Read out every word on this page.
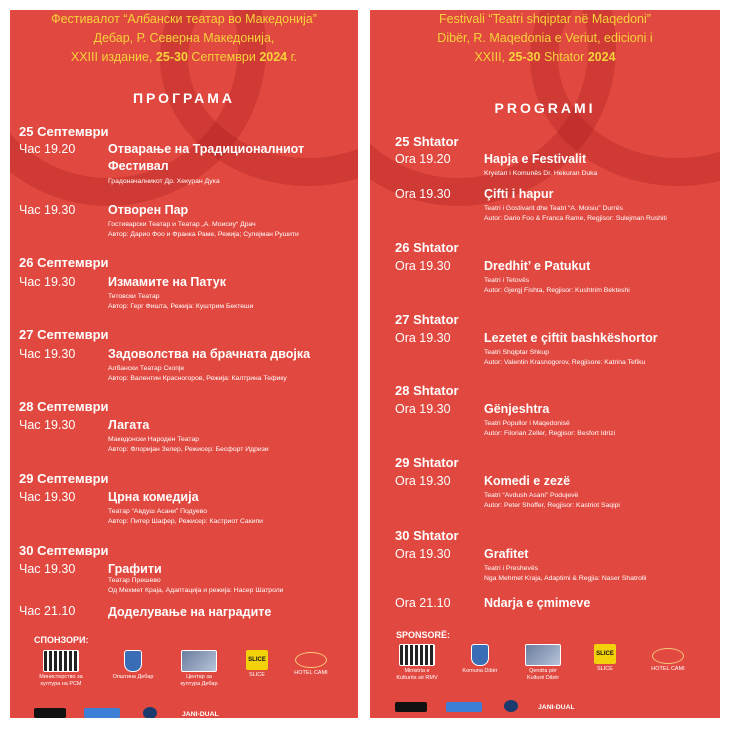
Фестивалот “Албански театар во Македонија”
Дебар, Р. Северна Македонија,
XXIII издание, 25-30 Септември 2024 г.
ПРОГРАМА
25 Септември
Час 19.20	Отварање на Традиционалниот
Фестивал
Градоначалникот Др. Хекуран Дука
Час 19.30	Отворен Пар
Гостиварски Театар и Театар „А. Моисиу“ Драч
Автор: Дарио Фоо и Франка Раме, Режија; Сулејман Рушити
26 Септември
Час 19.30	Измамите на Патук
Тетовски Театар
Автор: Герг Фишта, Режија: Куштрим Бектеши
27 Септември
Час 19.30	Задоволства на брачната двојка
Албански Театар Скопје
Автор: Валентин Красногоров, Режија: Калтрина Тефику
28 Септември
Час 19.30	Лагата
Македонски Народен Театар
Автор: Флоријан Зелер, Режисер: Бесфорт Идризи
29 Септември
Час 19.30	Црна комедија
Театар “Авдуш Асани” Подуево
Автор: Питер Шафер, Режисер: Кастриот Сакипи
30 Септември
Час 19.30	Графити
Театар Прешево
Од Мехмет Краја, Адаптација и режија: Насер Шатроли
Час 21.10	Доделување на наградите
СПОНЗОРИ:
Министерство за
култура на РСМ
Општина Дебар	Центар за
култура Дебар
SLICE
SLICE	HOTEL CAMI
JANI-DUAL
Festivali “Teatri shqiptar në Maqedoni”
Dibër, R. Maqedonia e Veriut, edicioni i
XXIII, 25-30 Shtator 2024
PROGRAMI
25 Shtator
Ora 19.20	Hapja e Festivalit
Kryetari i Komunës Dr. Hekuran Duka
Ora 19.30	Çifti i hapur
Teatri i Gostivarit dhe Teatri “A. Moisiu” Durrës
Autor: Dario Foo & Franca Rame, Regjisor: Sulejman Rushiti
26 Shtator
Ora 19.30	Dredhit’ e Patukut
Teatri i Tetovës
Autor: Gjergj Fishta, Regjisor: Kushtrim Bekteshi
27 Shtator
Ora 19.30	Lezetet e çiftit bashkëshortor
Teatri Shqiptar Shkup
Autor: Valentin Krasnogorov, Regjisore: Katrina Tefiku
28 Shtator
Ora 19.30	Gënjeshtra
Teatri Popullor i Maqedonisë
Autor: Filorian Zeller, Regjisor: Besfort Idrizi
29 Shtator
Ora 19.30	Komedi e zezë
Teatri “Avdush Asani” Podujevë
Autor: Peter Shoffer, Regjisor: Kastriot Saqipi
30 Shtator
Ora 19.30	Grafitet
Teatri i Preshevës
Nga Mehmet Kraja, Adaptimi & Regjia: Naser Shatrolli
Ora 21.10	Ndarja e çmimeve
SPONSORË:
Ministria e
Kulturës së RMV
Komuna Dibër	Qendra për
Kulturë Dibër
SLICE
SLICE	HOTEL CAMI
JANI-DUAL
